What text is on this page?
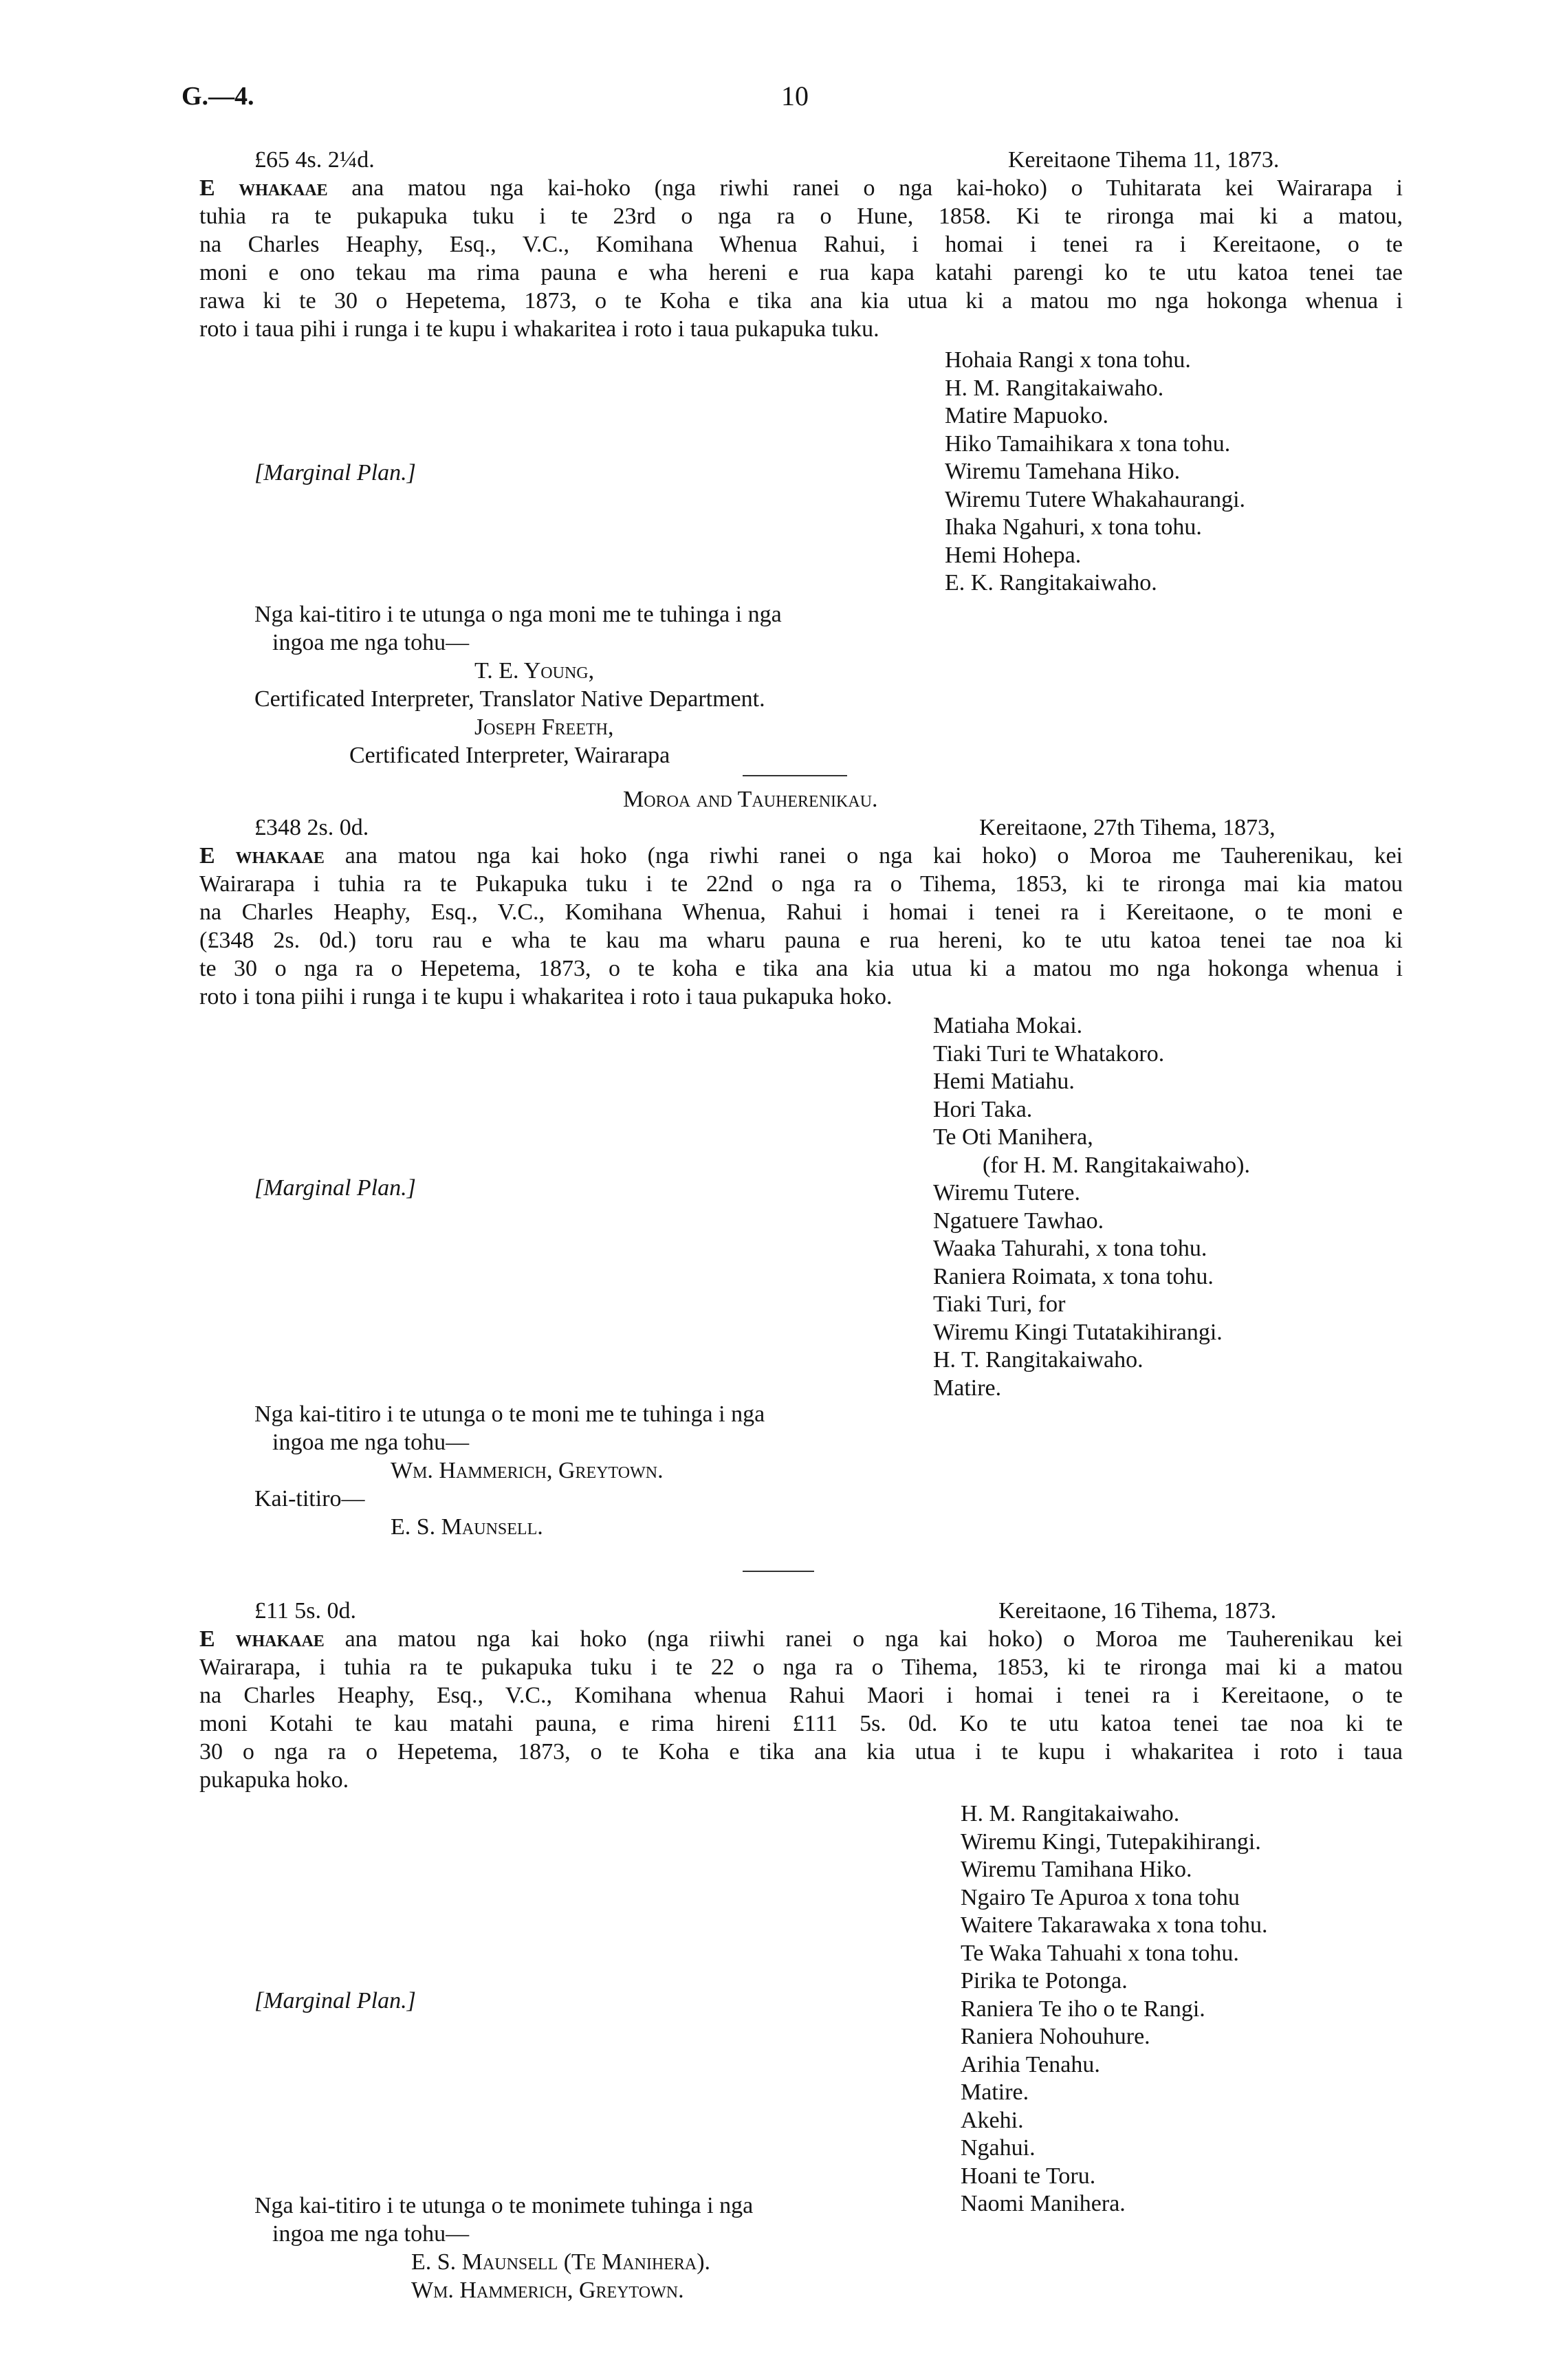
G.—4.	10
£65 4s. 2¼d.	Kereitaone Tihema 11, 1873.
E whakaae ana matou nga kai-hoko (nga riwhi ranei o nga kai-hoko) o Tuhitarata kei Wairarapa i
tuhia ra te pukapuka tuku i te 23rd o nga ra o Hune, 1858. Ki te rironga mai ki a matou,
na Charles Heaphy, Esq., V.C., Komihana Whenua Rahui, i homai i tenei ra i Kereitaone, o te
moni e ono tekau ma rima pauna e wha hereni e rua kapa katahi parengi ko te utu katoa tenei tae
rawa ki te 30 o Hepetema, 1873, o te Koha e tika ana kia utua ki a matou mo nga hokonga whenua i
roto i taua pihi i runga i te kupu i whakaritea i roto i taua pukapuka tuku.
[Marginal Plan.]
Hohaia Rangi x tona tohu.
H. M. Rangitakaiwaho.
Matire Mapuoko.
Hiko Tamaihikara x tona tohu.
Wiremu Tamehana Hiko.
Wiremu Tutere Whakahaurangi.
Ihaka Ngahuri, x tona tohu.
Hemi Hohepa.
E. K. Rangitakaiwaho.
Nga kai-titiro i te utunga o nga moni me te tuhinga i nga
ingoa me nga tohu—
T. E. Young,
Certificated Interpreter, Translator Native Department.
Joseph Freeth,
Certificated Interpreter, Wairarapa
Moroa and Tauherenikau.
£348 2s. 0d.	Kereitaone, 27th Tihema, 1873,
E whakaae ana matou nga kai hoko (nga riwhi ranei o nga kai hoko) o Moroa me Tauherenikau, kei
Wairarapa i tuhia ra te Pukapuka tuku i te 22nd o nga ra o Tihema, 1853, ki te rironga mai kia matou
na Charles Heaphy, Esq., V.C., Komihana Whenua, Rahui i homai i tenei ra i Kereitaone, o te moni e
(£348 2s. 0d.) toru rau e wha te kau ma wharu pauna e rua hereni, ko te utu katoa tenei tae noa ki
te 30 o nga ra o Hepetema, 1873, o te koha e tika ana kia utua ki a matou mo nga hokonga whenua i
roto i tona piihi i runga i te kupu i whakaritea i roto i taua pukapuka hoko.
[Marginal Plan.]
Matiaha Mokai.
Tiaki Turi te Whatakoro.
Hemi Matiahu.
Hori Taka.
Te Oti Manihera,
(for H. M. Rangitakaiwaho).
Wiremu Tutere.
Ngatuere Tawhao.
Waaka Tahurahi, x tona tohu.
Raniera Roimata, x tona tohu.
Tiaki Turi, for
Wiremu Kingi Tutatakihirangi.
H. T. Rangitakaiwaho.
Matire.
Nga kai-titiro i te utunga o te moni me te tuhinga i nga
ingoa me nga tohu—
Wm. Hammerich, Greytown.
Kai-titiro—
E. S. Maunsell.
£11 5s. 0d.	Kereitaone, 16 Tihema, 1873.
E whakaae ana matou nga kai hoko (nga riiwhi ranei o nga kai hoko) o Moroa me Tauherenikau kei
Wairarapa, i tuhia ra te pukapuka tuku i te 22 o nga ra o Tihema, 1853, ki te rironga mai ki a matou
na Charles Heaphy, Esq., V.C., Komihana whenua Rahui Maori i homai i tenei ra i Kereitaone, o te
moni Kotahi te kau matahi pauna, e rima hireni £111 5s. 0d. Ko te utu katoa tenei tae noa ki te
30 o nga ra o Hepetema, 1873, o te Koha e tika ana kia utua i te kupu i whakaritea i roto i taua
pukapuka hoko.
[Marginal Plan.]
H. M. Rangitakaiwaho.
Wiremu Kingi, Tutepakihirangi.
Wiremu Tamihana Hiko.
Ngairo Te Apuroa x tona tohu
Waitere Takarawaka x tona tohu.
Te Waka Tahuahi x tona tohu.
Pirika te Potonga.
Raniera Te iho o te Rangi.
Raniera Nohouhure.
Arihia Tenahu.
Matire.
Akehi.
Ngahui.
Hoani te Toru.
Naomi Manihera.
Nga kai-titiro i te utunga o te monimete tuhinga i nga
ingoa me nga tohu—
E. S. Maunsell (Te Manihera).
Wm. Hammerich, Greytown.
